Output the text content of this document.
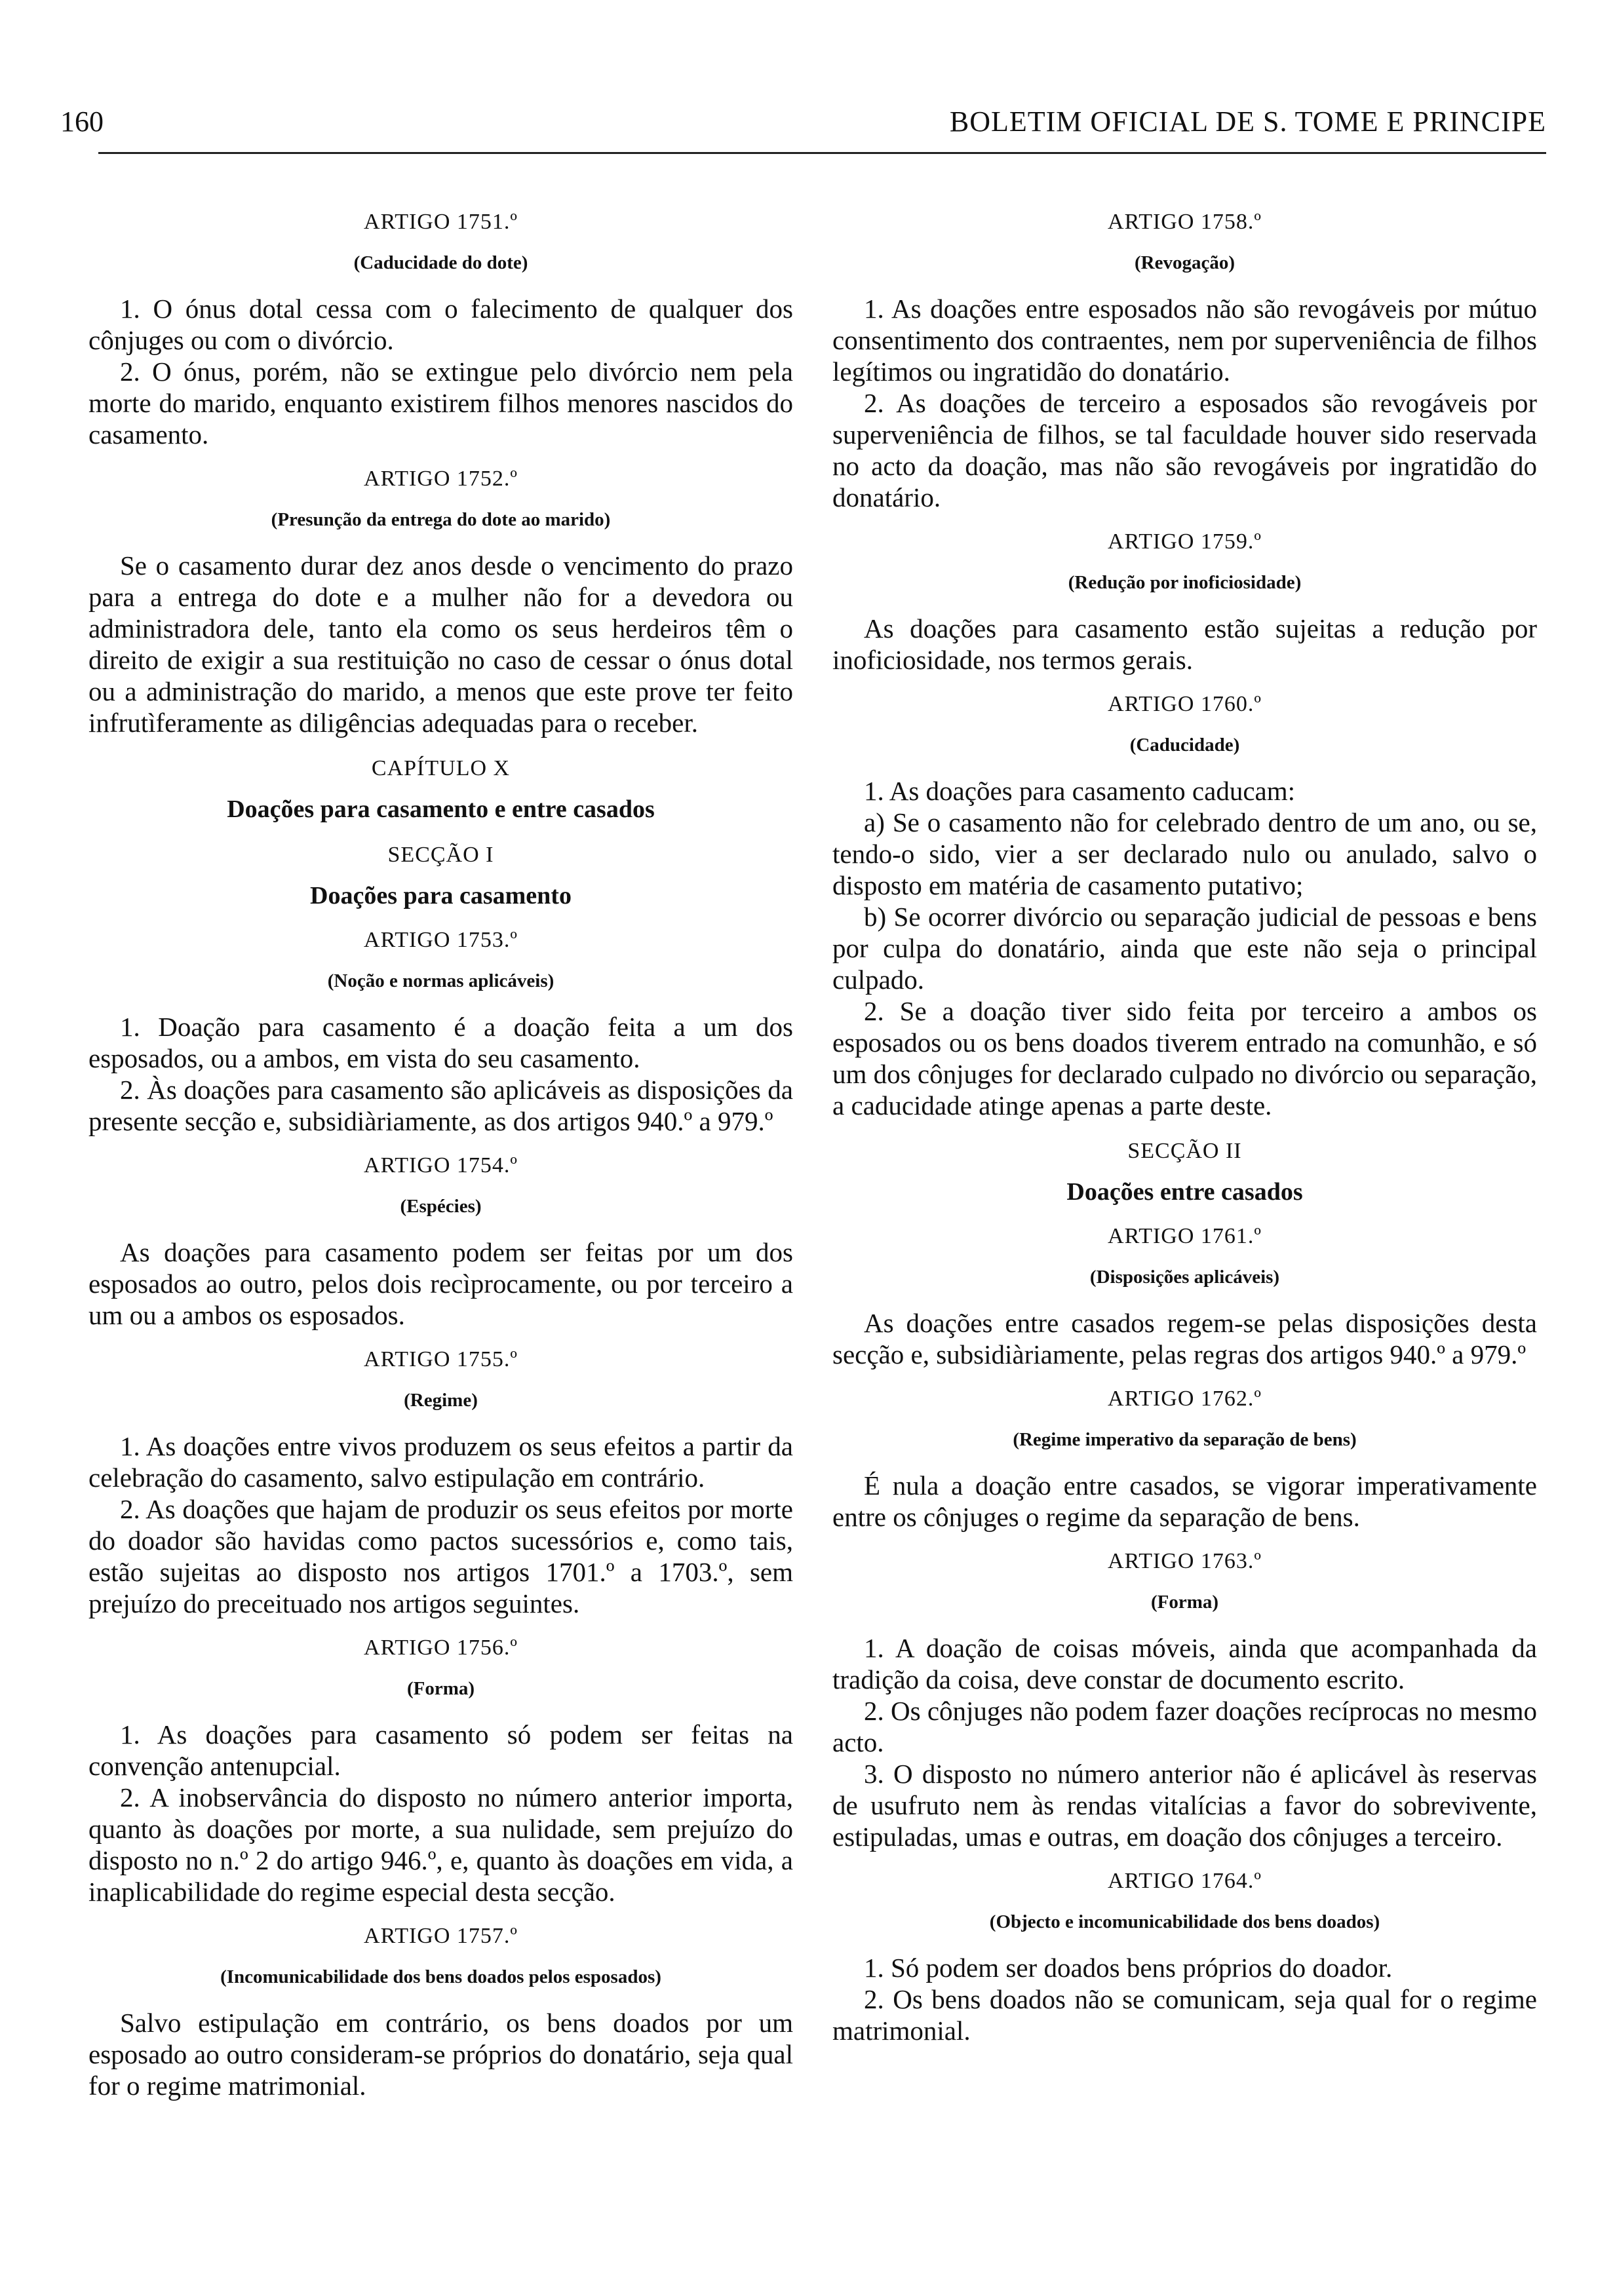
160	BOLETIM OFICIAL DE S. TOME E PRINCIPE
ARTIGO 1751.º
(Caducidade do dote)
1. O ónus dotal cessa com o falecimento de qualquer dos cônjuges ou com o divórcio.
2. O ónus, porém, não se extingue pelo divórcio nem pela morte do marido, enquanto existirem filhos menores nascidos do casamento.
ARTIGO 1752.º
(Presunção da entrega do dote ao marido)
Se o casamento durar dez anos desde o vencimento do prazo para a entrega do dote e a mulher não for a devedora ou administradora dele, tanto ela como os seus herdeiros têm o direito de exigir a sua restituição no caso de cessar o ónus dotal ou a administração do marido, a menos que este prove ter feito infrutìferamente as diligências adequadas para o receber.
CAPÍTULO X
Doações para casamento e entre casados
SECÇÃO I
Doações para casamento
ARTIGO 1753.º
(Noção e normas aplicáveis)
1. Doação para casamento é a doação feita a um dos esposados, ou a ambos, em vista do seu casamento.
2. Às doações para casamento são aplicáveis as disposições da presente secção e, subsidiàriamente, as dos artigos 940.º a 979.º
ARTIGO 1754.º
(Espécies)
As doações para casamento podem ser feitas por um dos esposados ao outro, pelos dois recìprocamente, ou por terceiro a um ou a ambos os esposados.
ARTIGO 1755.º
(Regime)
1. As doações entre vivos produzem os seus efeitos a partir da celebração do casamento, salvo estipulação em contrário.
2. As doações que hajam de produzir os seus efeitos por morte do doador são havidas como pactos sucessórios e, como tais, estão sujeitas ao disposto nos artigos 1701.º a 1703.º, sem prejuízo do preceituado nos artigos seguintes.
ARTIGO 1756.º
(Forma)
1. As doações para casamento só podem ser feitas na convenção antenupcial.
2. A inobservância do disposto no número anterior importa, quanto às doações por morte, a sua nulidade, sem prejuízo do disposto no n.º 2 do artigo 946.º, e, quanto às doações em vida, a inaplicabilidade do regime especial desta secção.
ARTIGO 1757.º
(Incomunicabilidade dos bens doados pelos esposados)
Salvo estipulação em contrário, os bens doados por um esposado ao outro consideram-se próprios do donatário, seja qual for o regime matrimonial.
ARTIGO 1758.º
(Revogação)
1. As doações entre esposados não são revogáveis por mútuo consentimento dos contraentes, nem por superveniência de filhos legítimos ou ingratidão do donatário.
2. As doações de terceiro a esposados são revogáveis por superveniência de filhos, se tal faculdade houver sido reservada no acto da doação, mas não são revogáveis por ingratidão do donatário.
ARTIGO 1759.º
(Redução por inoficiosidade)
As doações para casamento estão sujeitas a redução por inoficiosidade, nos termos gerais.
ARTIGO 1760.º
(Caducidade)
1. As doações para casamento caducam:
a) Se o casamento não for celebrado dentro de um ano, ou se, tendo-o sido, vier a ser declarado nulo ou anulado, salvo o disposto em matéria de casamento putativo;
b) Se ocorrer divórcio ou separação judicial de pessoas e bens por culpa do donatário, ainda que este não seja o principal culpado.
2. Se a doação tiver sido feita por terceiro a ambos os esposados ou os bens doados tiverem entrado na comunhão, e só um dos cônjuges for declarado culpado no divórcio ou separação, a caducidade atinge apenas a parte deste.
SECÇÃO II
Doações entre casados
ARTIGO 1761.º
(Disposições aplicáveis)
As doações entre casados regem-se pelas disposições desta secção e, subsidiàriamente, pelas regras dos artigos 940.º a 979.º
ARTIGO 1762.º
(Regime imperativo da separação de bens)
É nula a doação entre casados, se vigorar imperativamente entre os cônjuges o regime da separação de bens.
ARTIGO 1763.º
(Forma)
1. A doação de coisas móveis, ainda que acompanhada da tradição da coisa, deve constar de documento escrito.
2. Os cônjuges não podem fazer doações recíprocas no mesmo acto.
3. O disposto no número anterior não é aplicável às reservas de usufruto nem às rendas vitalícias a favor do sobrevivente, estipuladas, umas e outras, em doação dos cônjuges a terceiro.
ARTIGO 1764.º
(Objecto e incomunicabilidade dos bens doados)
1. Só podem ser doados bens próprios do doador.
2. Os bens doados não se comunicam, seja qual for o regime matrimonial.
